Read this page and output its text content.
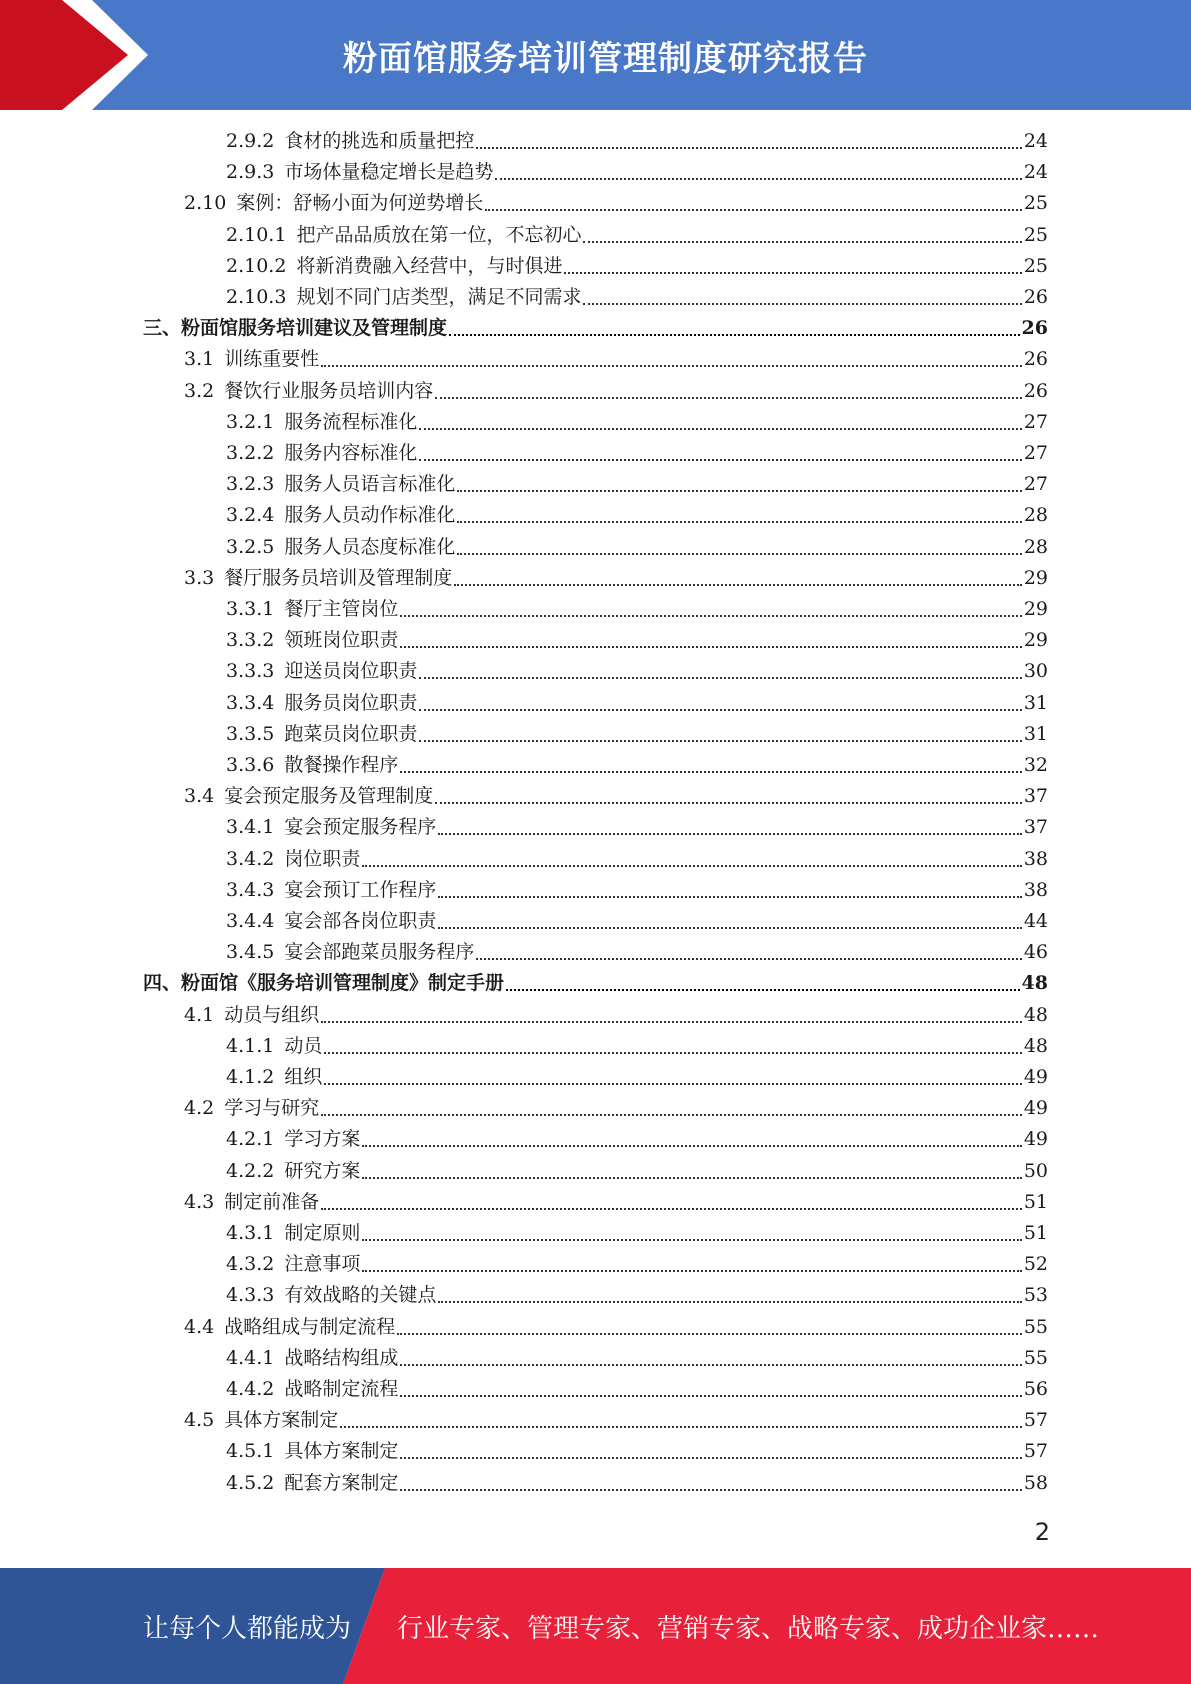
粉面馆服务培训管理制度研究报告
2.9.2 食材的挑选和质量把控	24
2.9.3 市场体量稳定增长是趋势	24
2.10 案例：舒畅小面为何逆势增长	25
2.10.1 把产品品质放在第一位，不忘初心	25
2.10.2 将新消费融入经营中，与时俱进	25
2.10.3 规划不同门店类型，满足不同需求	26
三、粉面馆服务培训建议及管理制度	26
3.1 训练重要性	26
3.2 餐饮行业服务员培训内容	26
3.2.1 服务流程标准化	27
3.2.2 服务内容标准化	27
3.2.3 服务人员语言标准化	27
3.2.4 服务人员动作标准化	28
3.2.5 服务人员态度标准化	28
3.3 餐厅服务员培训及管理制度	29
3.3.1 餐厅主管岗位	29
3.3.2 领班岗位职责	29
3.3.3 迎送员岗位职责	30
3.3.4 服务员岗位职责	31
3.3.5 跑菜员岗位职责	31
3.3.6 散餐操作程序	32
3.4 宴会预定服务及管理制度	37
3.4.1 宴会预定服务程序	37
3.4.2 岗位职责	38
3.4.3 宴会预订工作程序	38
3.4.4 宴会部各岗位职责	44
3.4.5 宴会部跑菜员服务程序	46
四、粉面馆《服务培训管理制度》制定手册	48
4.1 动员与组织	48
4.1.1 动员	48
4.1.2 组织	49
4.2 学习与研究	49
4.2.1 学习方案	49
4.2.2 研究方案	50
4.3 制定前准备	51
4.3.1 制定原则	51
4.3.2 注意事项	52
4.3.3 有效战略的关键点	53
4.4 战略组成与制定流程	55
4.4.1 战略结构组成	55
4.4.2 战略制定流程	56
4.5 具体方案制定	57
4.5.1 具体方案制定	57
4.5.2 配套方案制定	58
2
让每个人都能成为 行业专家、管理专家、营销专家、战略专家、成功企业家……
